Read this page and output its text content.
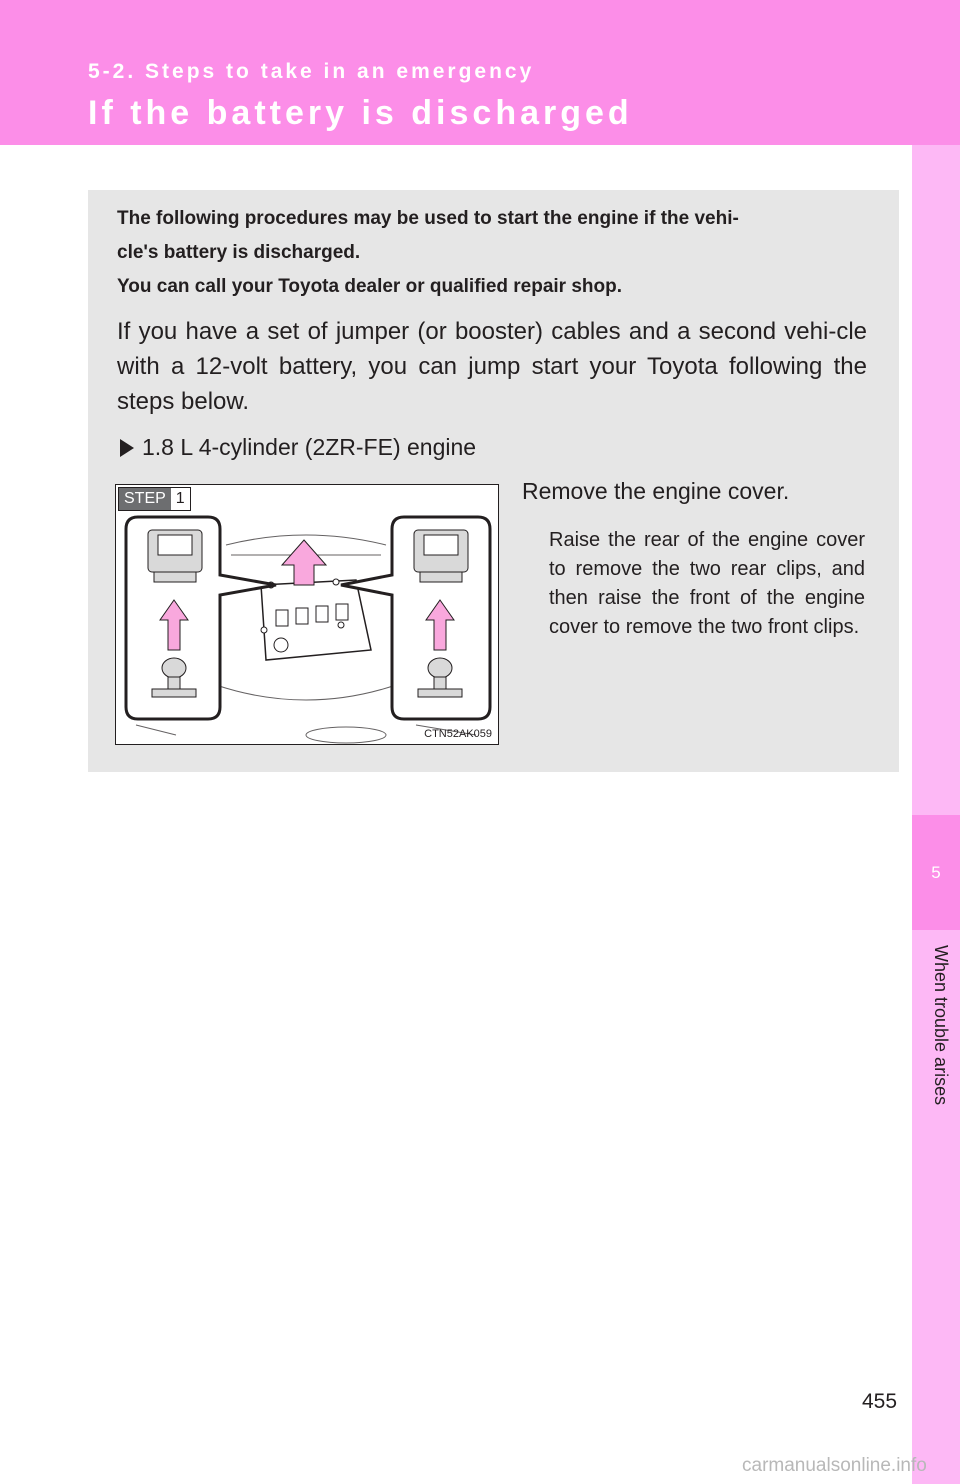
5-2. Steps to take in an emergency
If the battery is discharged
5
When trouble arises
The following procedures may be used to start the engine if the vehi-
cle's battery is discharged.
You can call your Toyota dealer or qualified repair shop.
If you have a set of jumper (or booster) cables and a second vehi-cle with a 12-volt battery, you can jump start your Toyota following the steps below.
1.8 L 4-cylinder (2ZR-FE) engine
STEP 1
CTN52AK059
Remove the engine cover.
Raise the rear of the engine cover to remove the two rear clips, and then raise the front of the engine cover to remove the two front clips.
455
carmanualsonline.info
